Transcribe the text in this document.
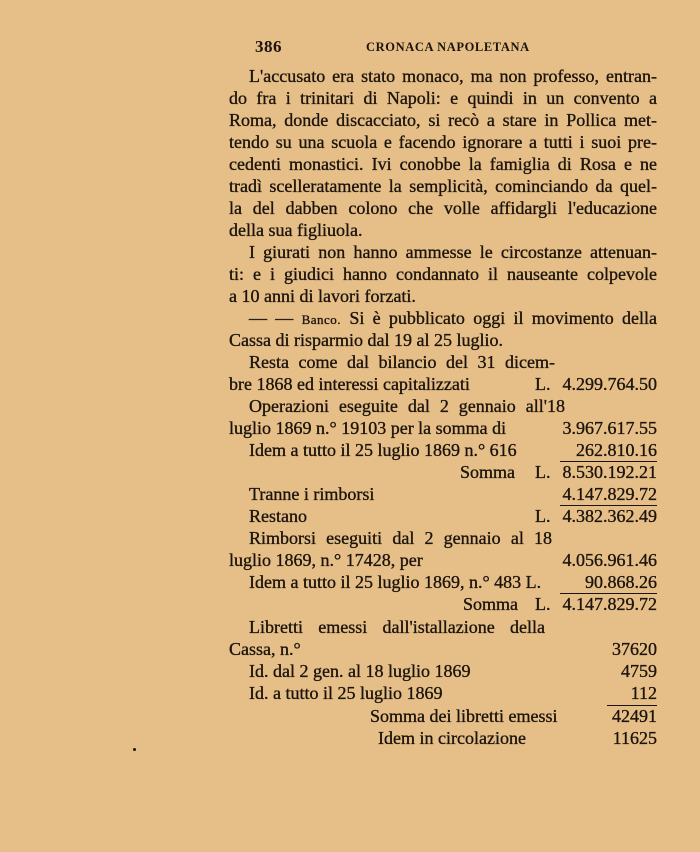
386	CRONACA NAPOLETANA
L'accusato era stato monaco, ma non professo, entran-
do fra i trinitari di Napoli: e quindi in un convento a
Roma, donde discacciato, si recò a stare in Pollica met-
tendo su una scuola e facendo ignorare a tutti i suoi pre-
cedenti monastici. Ivi conobbe la famiglia di Rosa e ne
tradì scelleratamente la semplicità, cominciando da quel-
la del dabben colono che volle affidargli l'educazione
della sua figliuola.
I giurati non hanno ammesse le circostanze attenuan-
ti: e i giudici hanno condannato il nauseante colpevole
a 10 anni di lavori forzati.
— — Banco. Si è pubblicato oggi il movimento della
Cassa di risparmio dal 19 al 25 luglio.
Resta come dal bilancio del 31 dicem-
bre 1868 ed interessi capitalizzati	L. 4.299.764.50
Operazioni eseguite dal 2 gennaio all'18
luglio 1869 n.° 19103 per la somma di	3.967.617.55
Idem a tutto il 25 luglio 1869 n.° 616	262.810.16
Somma L. 8.530.192.21
Tranne i rimborsi	4.147.829.72
Restano	L. 4.382.362.49
Rimborsi eseguiti dal 2 gennaio al 18
luglio 1869, n.° 17428, per	4.056.961.46
Idem a tutto il 25 luglio 1869, n.° 483 L. 90.868.26
Somma L. 4.147.829.72
Libretti emessi dall'istallazione della
Cassa, n.°	37620
Id. dal 2 gen. al 18 luglio 1869	4759
Id. a tutto il 25 luglio 1869	112
Somma dei libretti emessi	42491
Idem in circolazione	11625
